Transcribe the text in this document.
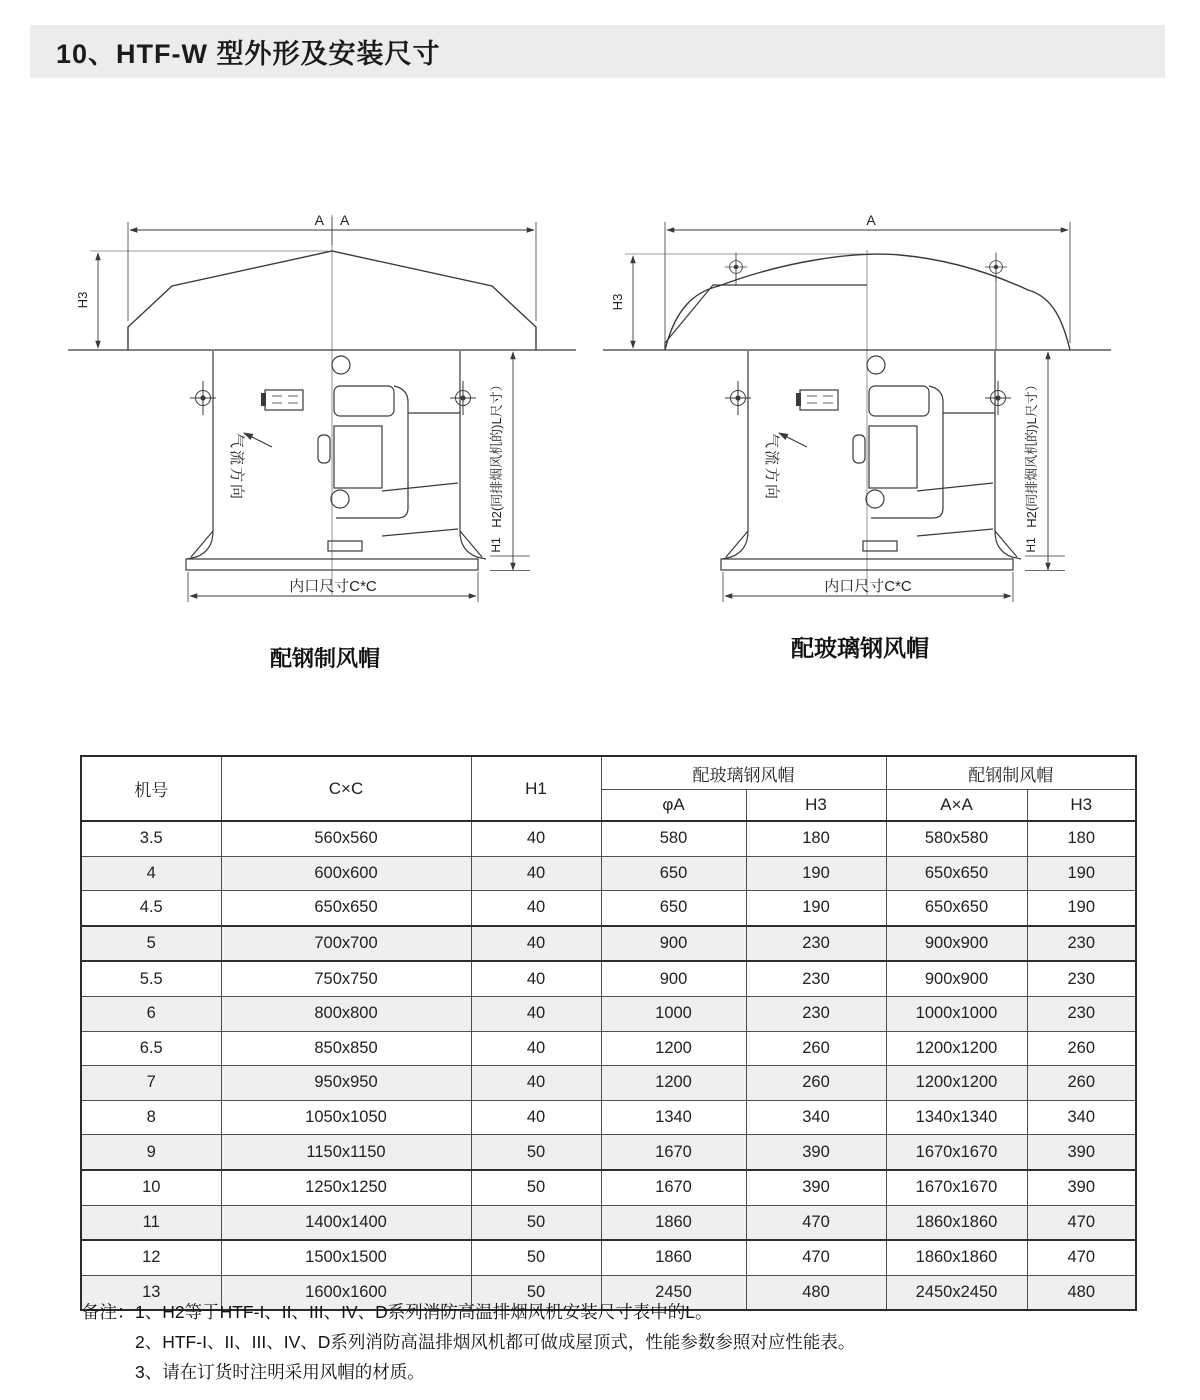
10、HTF-W 型外形及安装尺寸
A A
H3
气流方向	H2(同排烟风机的)L尺寸）
H1
内口尺寸C*C
A
H3
气流方向	H2(同排烟风机的)L尺寸）
H1
内口尺寸C*C
配钢制风帽	配玻璃钢风帽
机号	C×C	H1	配玻璃钢风帽		配钢制风帽	
			φA	H3	A×A	H3
3.5	560x560	40	580	180	580x580	180
4	600x600	40	650	190	650x650	190
4.5	650x650	40	650	190	650x650	190
5	700x700	40	900	230	900x900	230
5.5	750x750	40	900	230	900x900	230
6	800x800	40	1000	230	1000x1000	230
6.5	850x850	40	1200	260	1200x1200	260
7	950x950	40	1200	260	1200x1200	260
8	1050x1050	40	1340	340	1340x1340	340
9	1150x1150	50	1670	390	1670x1670	390
10	1250x1250	50	1670	390	1670x1670	390
11	1400x1400	50	1860	470	1860x1860	470
12	1500x1500	50	1860	470	1860x1860	470
13	1600x1600	50	2450	480	2450x2450	480
备注： 1、H2等于HTF-I、II、III、IV、D系列消防高温排烟风机安装尺寸表中的L。
2、HTF-I、II、III、IV、D系列消防高温排烟风机都可做成屋顶式，性能参数参照对应性能表。
3、请在订货时注明采用风帽的材质。
